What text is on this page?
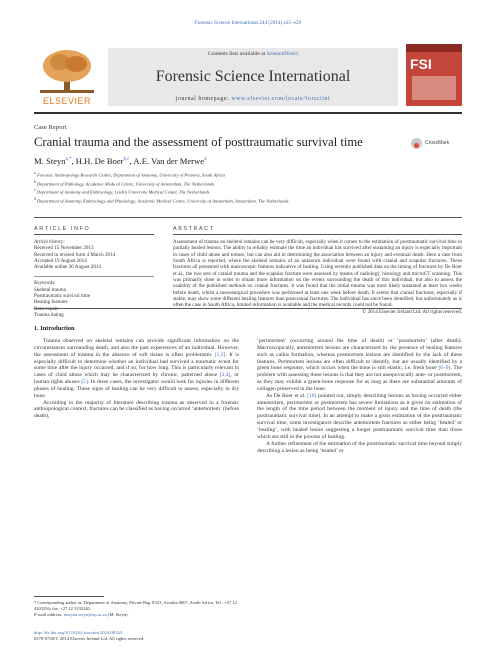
Forensic Science International 244 (2014) e25–e29
ELSEVIER
Contents lists available at ScienceDirect
Forensic Science International
journal homepage: www.elsevier.com/locate/forsciint
FSI
Case Report
Cranial trauma and the assessment of posttraumatic survival time	CrossMark
M. Steyn$^{a,*}$, H.H. De Boer$^{b,c}$, A.E. Van der Merwe$^d$
$^a$ Forensic Anthropology Research Centre, Department of Anatomy, University of Pretoria, South Africa
$^b$ Department of Pathology, Academic Medical Centre, University of Amsterdam, The Netherlands
$^c$ Department of Anatomy and Embryology, Leiden University Medical Center, The Netherlands
$^d$ Department of Anatomy, Embryology and Physiology, Academic Medical Centre, University of Amsterdam, Amsterdam, The Netherlands
ARTICLE INFO	ABSTRACT
Article history:
Received 15 November 2013
Received in revised form 4 March 2014
Accepted 19 August 2014
Available online 30 August 2014
Keywords:
Skeletal trauma
Posttraumatic survival time
Healing features
Bone repair
Trauma dating
Assessment of trauma on skeletal remains can be very difficult, especially when it comes to the estimation of posttraumatic survival time in partially healed lesions. The ability to reliably estimate the time an individual has survived after sustaining an injury is especially important in cases of child abuse and torture, but can also aid in determining the association between an injury and eventual death. Here a case from South Africa is reported, where the skeletal remains of an unknown individual were found with cranial and scapular fractures. These fractures all presented with macroscopic features indicative of healing. Using recently published data on the timing of fractures by De Boer et al., the two sets of cranial trauma and the scapular fracture were assessed by means of radiology, histology and microCT scanning. This was primarily done in order to obtain more information on the events surrounding the death of this individual, but also to assess the usability of the published methods on cranial fractures. It was found that the initial trauma was most likely sustained at least two weeks before death, whilst a neurosurgical procedure was performed at least one week before death. It seems that cranial fractures, especially if stable, may show some different healing features than postcranial fractures. The individual has since been identified, but unfortunately as is often the case in South Africa, limited information is available and the medical records could not be found.
© 2014 Elsevier Ireland Ltd. All rights reserved.
1. Introduction

Trauma observed on skeletal remains can provide significant information on the circumstances surrounding death, and also the past experiences of an individual. However, the assessment of trauma in the absence of soft tissue is often problematic [1,2]. It is especially difficult to determine whether an individual had survived a traumatic event for some time after the injury occurred, and if so, for how long. This is particularly relevant in cases of child abuse which may be characterized by chronic, patterned abuse [3,4], or human rights abuses [5]. In these cases, the investigator would look for injuries in different phases of healing. These signs of healing can be very difficult to assess, especially in dry bone.

According to the majority of literature describing trauma as observed in a forensic anthropological context, fractures can be classified as having occurred ‘antemortem’ (before death),

‘perimortem’ (occurring around the time of death) or ‘postmortem’ (after death). Macroscopically, antemortem lesions are characterized by the presence of healing features such as callus formation, whereas postmortem lesions are identified by the lack of these features. Perimortem lesions are often difficult to identify, but are usually identified by a green bone response, which occurs when the bone is still elastic, i.e. fresh bone [6–9]. The problem with assessing these lesions is that they are not unequivocally ante- or postmortem, as they may exhibit a green-bone response for as long as there are substantial amounts of collagen preserved in the bone.

As De Boer et al. [10] pointed out, simply describing lesions as having occurred either antemortem, perimortem or postmortem has severe limitations as it gives no estimation of the length of the time period between the moment of injury and the time of death (the posttraumatic survival time). In an attempt to make a gross estimation of the posttraumatic survival time, some investigators describe antemortem fractures as either being ‘healed’ or ‘healing’, with healed lesion suggesting a longer posttraumatic survival time than those which are still in the process of healing.

A further refinement of the estimation of the posttraumatic survival time beyond simply describing a lesion as being ‘healed’ or

* Corresponding author at: Department of Anatomy, Private Bag X323, Arcadia 0007, South Africa. Tel.: +27 12 4203256; fax: +27 12 3192240.
E-mail address: maryna.steyn@up.ac.za (M. Steyn).
http://dx.doi.org/10.1016/j.forsciint.2014.08.021
0379-0738/© 2014 Elsevier Ireland Ltd. All rights reserved.
